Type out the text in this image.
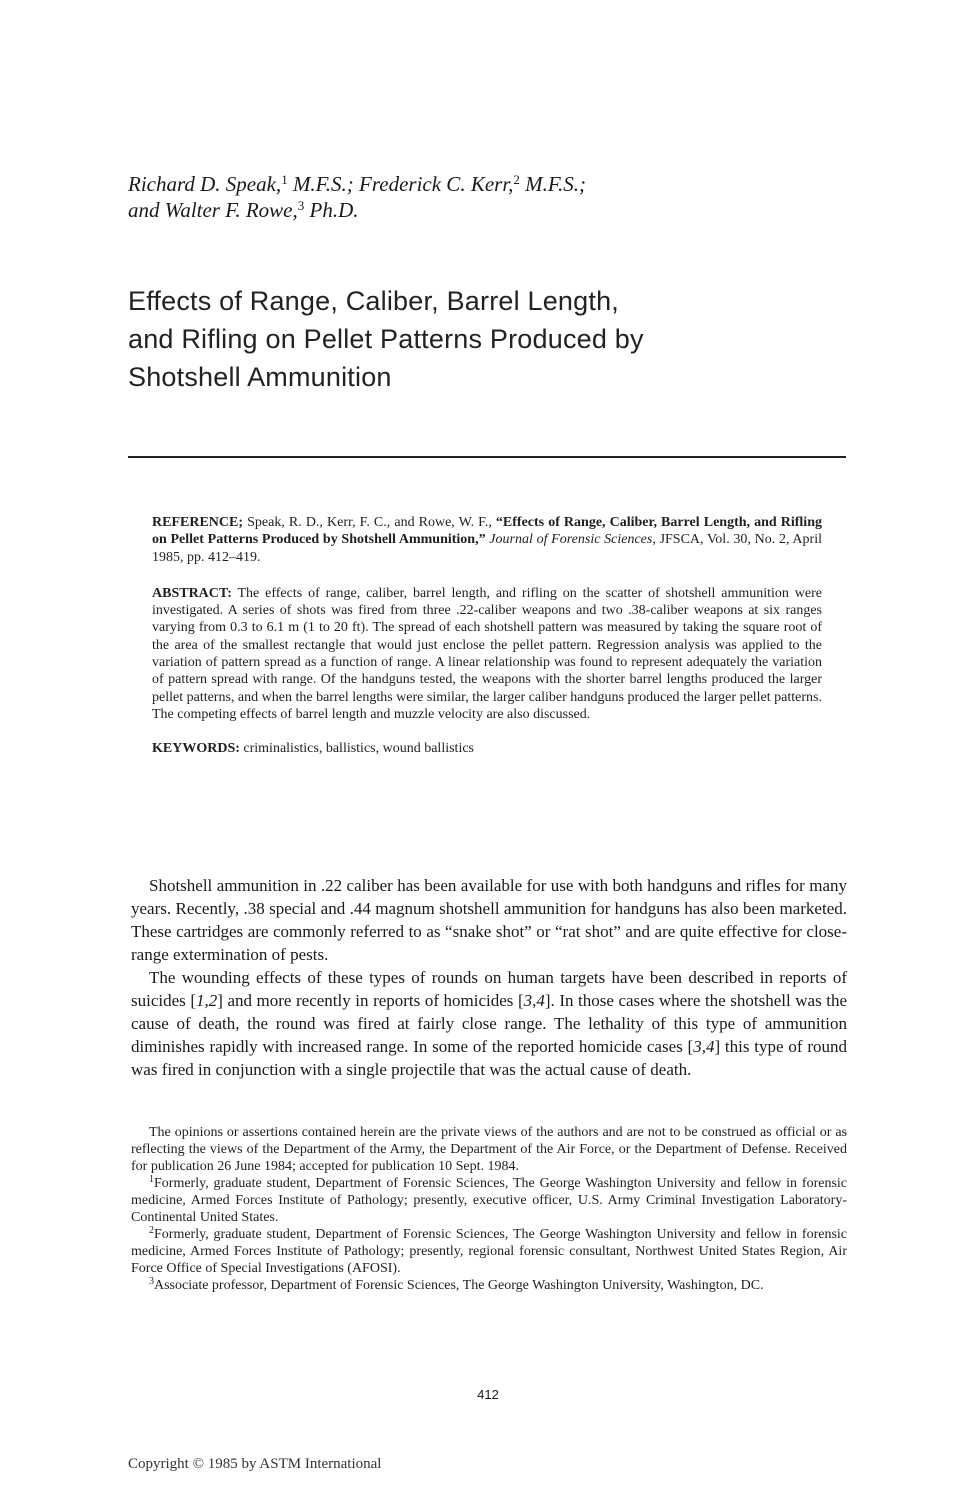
Richard D. Speak,$^1$ M.F.S.; Frederick C. Kerr,$^2$ M.F.S.;
and Walter F. Rowe,$^3$ Ph.D.
Effects of Range, Caliber, Barrel Length,
and Rifling on Pellet Patterns Produced by
Shotshell Ammunition

REFERENCE; Speak, R. D., Kerr, F. C., and Rowe, W. F., “Effects of Range, Caliber, Barrel Length, and Rifling on Pellet Patterns Produced by Shotshell Ammunition,” Journal of Forensic Sciences, JFSCA, Vol. 30, No. 2, April 1985, pp. 412–419.

ABSTRACT: The effects of range, caliber, barrel length, and rifling on the scatter of shotshell ammunition were investigated. A series of shots was fired from three .22-caliber weapons and two .38-caliber weapons at six ranges varying from 0.3 to 6.1 m (1 to 20 ft). The spread of each shotshell pattern was measured by taking the square root of the area of the smallest rectangle that would just enclose the pellet pattern. Regression analysis was applied to the variation of pattern spread as a function of range. A linear relationship was found to represent adequately the variation of pattern spread with range. Of the handguns tested, the weapons with the shorter barrel lengths produced the larger pellet patterns, and when the barrel lengths were similar, the larger caliber handguns produced the larger pellet patterns. The competing effects of barrel length and muzzle velocity are also discussed.

KEYWORDS: criminalistics, ballistics, wound ballistics

Shotshell ammunition in .22 caliber has been available for use with both handguns and rifles for many years. Recently, .38 special and .44 magnum shotshell ammunition for handguns has also been marketed. These cartridges are commonly referred to as “snake shot” or “rat shot” and are quite effective for close-range extermination of pests.

The wounding effects of these types of rounds on human targets have been described in reports of suicides [1,2] and more recently in reports of homicides [3,4]. In those cases where the shotshell was the cause of death, the round was fired at fairly close range. The lethality of this type of ammunition diminishes rapidly with increased range. In some of the reported homicide cases [3,4] this type of round was fired in conjunction with a single projectile that was the actual cause of death.

The opinions or assertions contained herein are the private views of the authors and are not to be construed as official or as reflecting the views of the Department of the Army, the Department of the Air Force, or the Department of Defense. Received for publication 26 June 1984; accepted for publication 10 Sept. 1984.

$^1$Formerly, graduate student, Department of Forensic Sciences, The George Washington University and fellow in forensic medicine, Armed Forces Institute of Pathology; presently, executive officer, U.S. Army Criminal Investigation Laboratory-Continental United States.

$^2$Formerly, graduate student, Department of Forensic Sciences, The George Washington University and fellow in forensic medicine, Armed Forces Institute of Pathology; presently, regional forensic consultant, Northwest United States Region, Air Force Office of Special Investigations (AFOSI).

$^3$Associate professor, Department of Forensic Sciences, The George Washington University, Washington, DC.

412
Copyright © 1985 by ASTM International
